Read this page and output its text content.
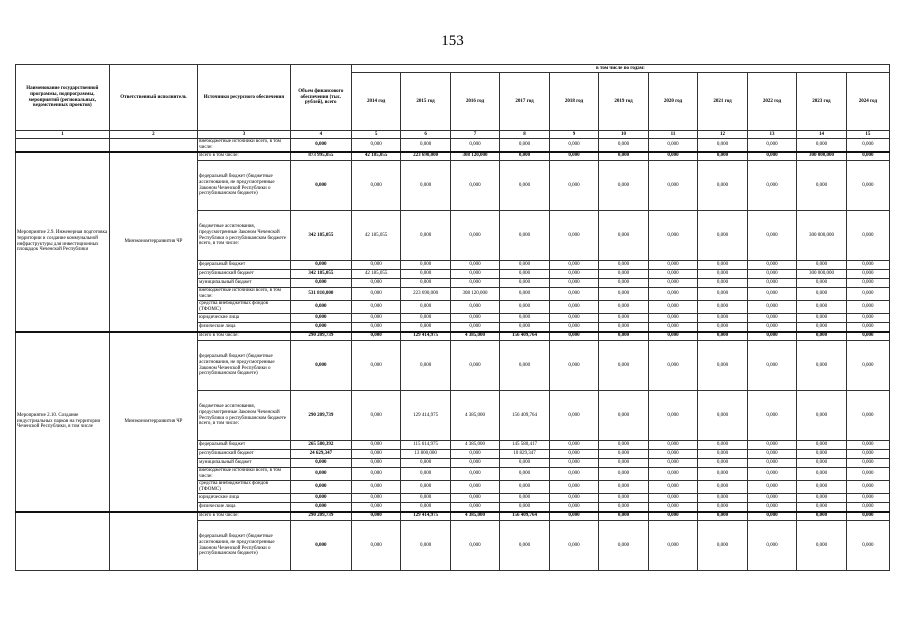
153
Наименование государственной программы, подпрограммы, мероприятий (региональных, ведомственных проектов)	Ответственный исполнитель	Источники ресурсного обеспечения	Объем финансового обеспечения (тыс. рублей), всего	в том числе по годам:										
				2014 год	2015 год	2016 год	2017 год	2018 год	2019 год	2020 год	2021 год	2022 год	2023 год	2024 год
1	2	3	4	5	6	7	8	9	10	11	12	13	14	15
		внебюджетные источники всего, в том числе:	0,000	0,000	0,000	0,000	0,000	0,000	0,000	0,000	0,000	0,000	0,000	0,000
Мероприятие 2.9. Инженерная подготовка территории и создание коммунальной инфраструктуры для инвестиционных площадок Чеченской Республики	Минэкономтерразвития ЧР	Всего в том числе:	873 995,055	42 185,055	223 690,000	308 120,000	0,000	0,000	0,000	0,000	0,000	0,000	300 000,000	0,000
		федеральный бюджет (бюджетные ассигнования, не предусмотренные Законом Чеченской Республики о республиканском бюджете)	0,000	0,000	0,000	0,000	0,000	0,000	0,000	0,000	0,000	0,000	0,000	0,000
		бюджетные ассигнования, предусмотренные Законом Чеченской Республики о республиканском бюджете всего, в том числе:	342 185,055	42 185,055	0,000	0,000	0,000	0,000	0,000	0,000	0,000	0,000	300 000,000	0,000
		федеральный бюджет	0,000	0,000	0,000	0,000	0,000	0,000	0,000	0,000	0,000	0,000	0,000	0,000
		республиканский бюджет	342 185,055	42 185,055	0,000	0,000	0,000	0,000	0,000	0,000	0,000	0,000	300 000,000	0,000
		муниципальный бюджет	0,000	0,000	0,000	0,000	0,000	0,000	0,000	0,000	0,000	0,000	0,000	0,000
		внебюджетные источники всего, в том числе:	531 810,000	0,000	223 690,000	308 120,000	0,000	0,000	0,000	0,000	0,000	0,000	0,000	0,000
		средства внебюджетных фондов (ТФОМС)	0,000	0,000	0,000	0,000	0,000	0,000	0,000	0,000	0,000	0,000	0,000	0,000
		юридические лица	0,000	0,000	0,000	0,000	0,000	0,000	0,000	0,000	0,000	0,000	0,000	0,000
		физические лица	0,000	0,000	0,000	0,000	0,000	0,000	0,000	0,000	0,000	0,000	0,000	0,000
Мероприятие 2.10. Создание индустриальных парков на территории Чеченской Республики, в том числе	Минэкономтерразвития ЧР	Всего в том числе:	290 209,739	0,000	129 414,975	4 385,000	156 409,764	0,000	0,000	0,000	0,000	0,000	0,000	0,000
		федеральный бюджет (бюджетные ассигнования, не предусмотренные Законом Чеченской Республики о республиканском бюджете)	0,000	0,000	0,000	0,000	0,000	0,000	0,000	0,000	0,000	0,000	0,000	0,000
		бюджетные ассигнования, предусмотренные Законом Чеченской Республики о республиканском бюджете всего, в том числе:	290 209,739	0,000	129 414,975	4 385,000	156 409,764	0,000	0,000	0,000	0,000	0,000	0,000	0,000
		федеральный бюджет	265 580,392	0,000	115 614,975	4 385,000	145 580,417	0,000	0,000	0,000	0,000	0,000	0,000	0,000
		республиканский бюджет	24 629,347	0,000	13 800,000	0,000	10 829,347	0,000	0,000	0,000	0,000	0,000	0,000	0,000
		муниципальный бюджет	0,000	0,000	0,000	0,000	0,000	0,000	0,000	0,000	0,000	0,000	0,000	0,000
		внебюджетные источники всего, в том числе:	0,000	0,000	0,000	0,000	0,000	0,000	0,000	0,000	0,000	0,000	0,000	0,000
		средства внебюджетных фондов (ТФОМС)	0,000	0,000	0,000	0,000	0,000	0,000	0,000	0,000	0,000	0,000	0,000	0,000
		юридические лица	0,000	0,000	0,000	0,000	0,000	0,000	0,000	0,000	0,000	0,000	0,000	0,000
		физические лица	0,000	0,000	0,000	0,000	0,000	0,000	0,000	0,000	0,000	0,000	0,000	0,000
		Всего в том числе:	290 209,739	0,000	129 414,975	4 385,000	156 409,764	0,000	0,000	0,000	0,000	0,000	0,000	0,000
		федеральный бюджет (бюджетные ассигнования, не предусмотренные Законом Чеченской Республики о республиканском бюджете)	0,000	0,000	0,000	0,000	0,000	0,000	0,000	0,000	0,000	0,000	0,000	0,000
